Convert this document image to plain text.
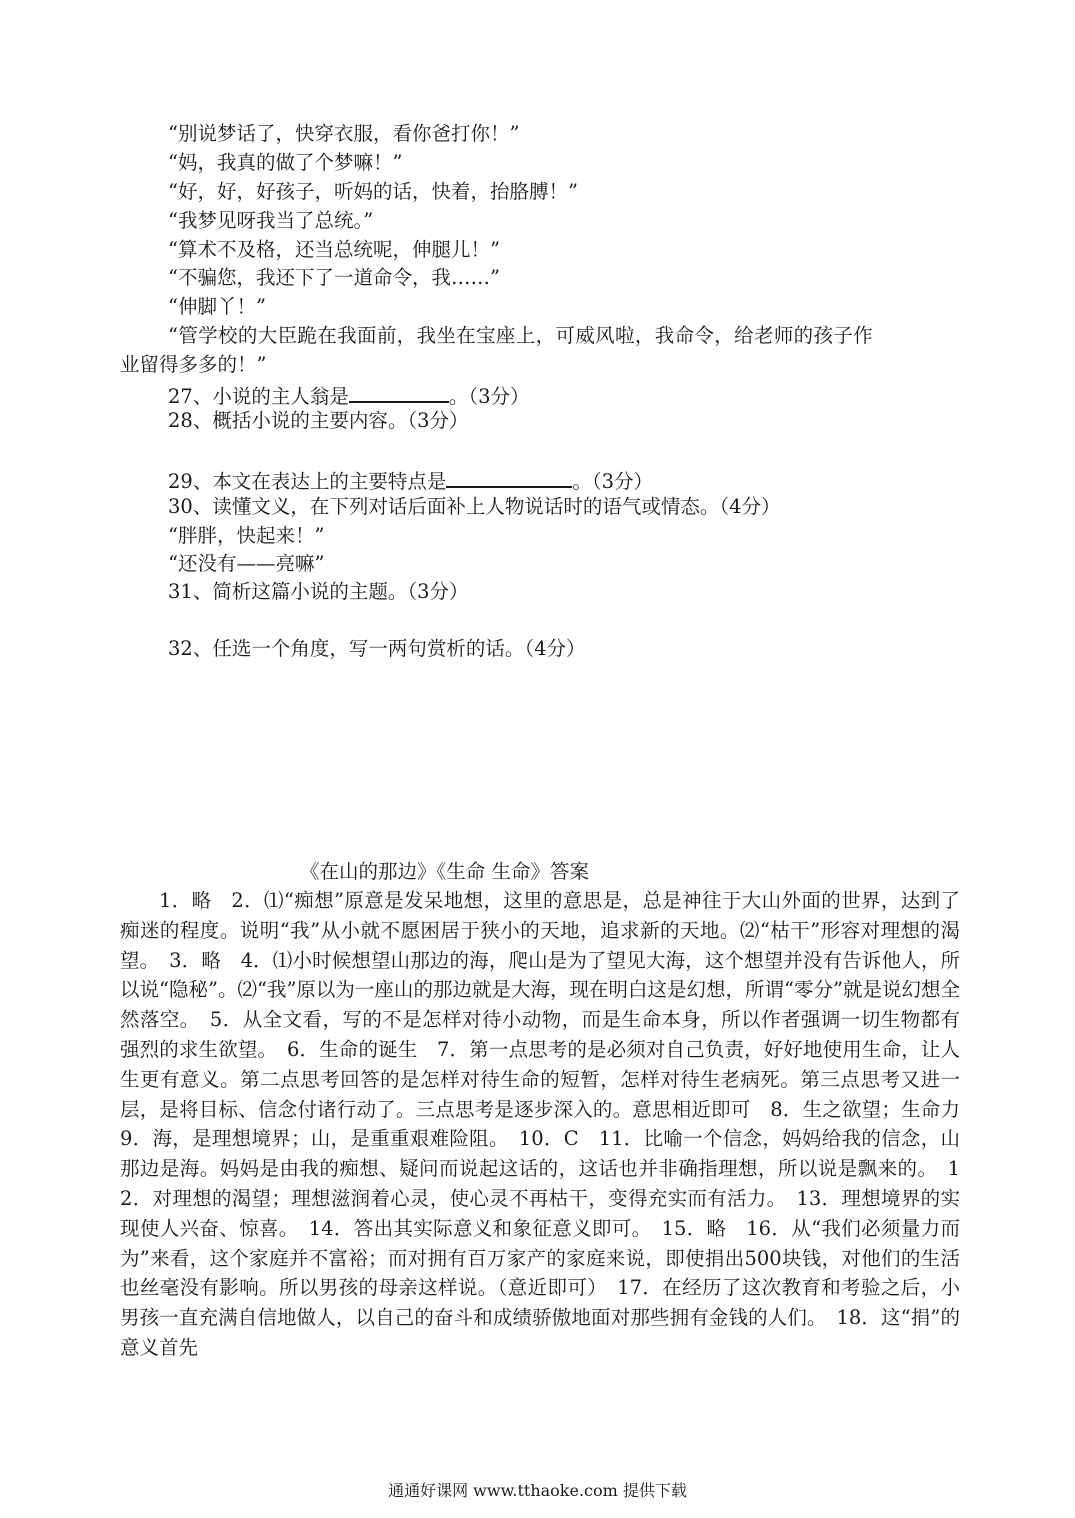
“别说梦话了，快穿衣服，看你爸打你！”
“妈，我真的做了个梦嘛！”
“好，好，好孩子，听妈的话，快着，抬胳膊！”
“我梦见呀我当了总统。”
“算术不及格，还当总统呢，伸腿儿！”
“不骗您，我还下了一道命令，我……”
“伸脚丫！”
“管学校的大臣跪在我面前，我坐在宝座上，可威风啦，我命令，给老师的孩子作
业留得多多的！”
27、小说的主人翁是	。（3分）
28、概括小说的主要内容。（3分）
29、本文在表达上的主要特点是	。（3分）
30、读懂文义，在下列对话后面补上人物说话时的语气或情态。（4分）
“胖胖，快起来！”
“还没有——亮嘛”
31、简析这篇小说的主题。（3分）
32、任选一个角度，写一两句赏析的话。（4分）
《在山的那边》《生命 生命》答案
1．略　2．⑴“痴想”原意是发呆地想，这里的意思是，总是神往于大山外面的世界，达到了痴迷的程度。说明“我”从小就不愿困居于狭小的天地，追求新的天地。⑵“枯干”形容对理想的渴望。　3．略　4．⑴小时候想望山那边的海，爬山是为了望见大海，这个想望并没有告诉他人，所以说“隐秘”。⑵“我”原以为一座山的那边就是大海，现在明白这是幻想，所谓“零分”就是说幻想全然落空。　5．从全文看，写的不是怎样对待小动物，而是生命本身，所以作者强调一切生物都有强烈的求生欲望。　6．生命的诞生　7．第一点思考的是必须对自己负责，好好地使用生命，让人生更有意义。第二点思考回答的是怎样对待生命的短暂，怎样对待生老病死。第三点思考又进一层，是将目标、信念付诸行动了。三点思考是逐步深入的。意思相近即可　8．生之欲望；生命力　9．海，是理想境界；山，是重重艰难险阻。　10．C　11．比喻一个信念，妈妈给我的信念，山那边是海。妈妈是由我的痴想、疑问而说起这话的，这话也并非确指理想，所以说是飘来的。　12．对理想的渴望；理想滋润着心灵，使心灵不再枯干，变得充实而有活力。　13．理想境界的实现使人兴奋、惊喜。　14．答出其实际意义和象征意义即可。　15．略　16．从“我们必须量力而为”来看，这个家庭并不富裕；而对拥有百万家产的家庭来说，即使捐出500块钱，对他们的生活也丝毫没有影响。所以男孩的母亲这样说。（意近即可）　17．在经历了这次教育和考验之后，小男孩一直充满自信地做人，以自己的奋斗和成绩骄傲地面对那些拥有金钱的人们。　18．这“捐”的意义首先
通通好课网 www.tthaoke.com 提供下载
